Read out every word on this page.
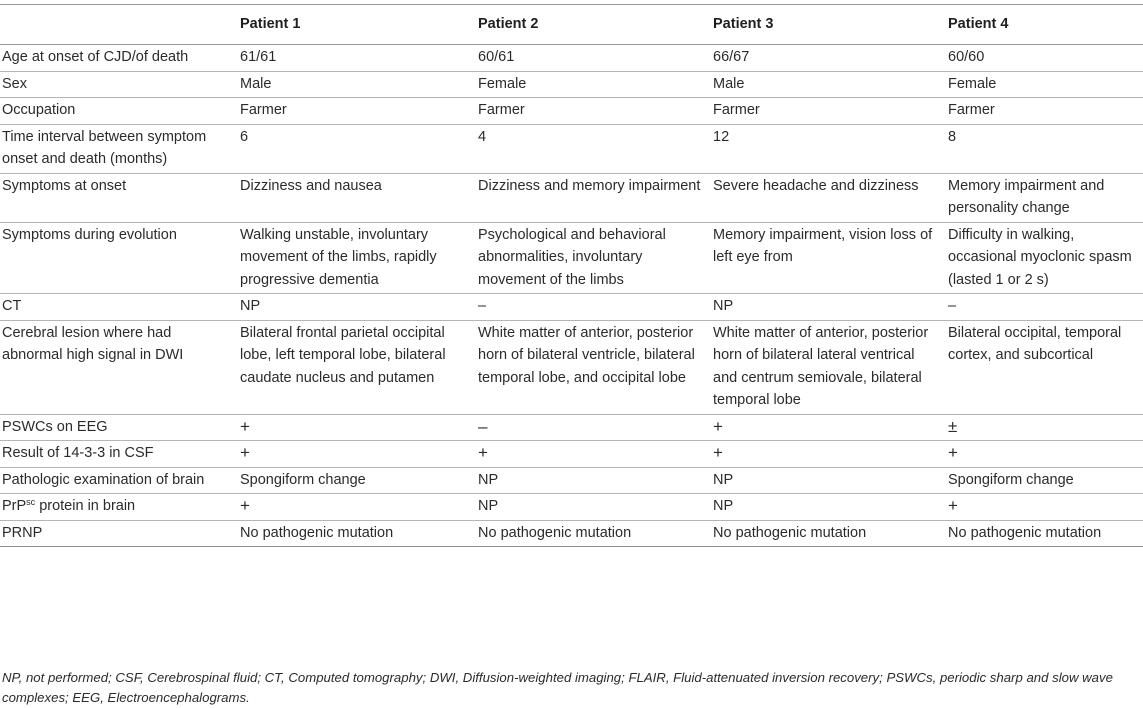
	Patient 1	Patient 2	Patient 3	Patient 4
Age at onset of CJD/of death	61/61	60/61	66/67	60/60
Sex	Male	Female	Male	Female
Occupation	Farmer	Farmer	Farmer	Farmer
Time interval between symptom onset and death (months)	6	4	12	8
Symptoms at onset	Dizziness and nausea	Dizziness and memory impairment	Severe headache and dizziness	Memory impairment and personality change
Symptoms during evolution	Walking unstable, involuntary movement of the limbs, rapidly progressive dementia	Psychological and behavioral abnormalities, involuntary movement of the limbs	Memory impairment, vision loss of left eye from	Difficulty in walking, occasional myoclonic spasm (lasted 1 or 2 s)
CT	NP	–	NP	–
Cerebral lesion where had abnormal high signal in DWI	Bilateral frontal parietal occipital lobe, left temporal lobe, bilateral caudate nucleus and putamen	White matter of anterior, posterior horn of bilateral ventricle, bilateral temporal lobe, and occipital lobe	White matter of anterior, posterior horn of bilateral lateral ventrical and centrum semiovale, bilateral temporal lobe	Bilateral occipital, temporal cortex, and subcortical
PSWCs on EEG	+	–	+	±
Result of 14-3-3 in CSF	+	+	+	+
Pathologic examination of brain	Spongiform change	NP	NP	Spongiform change
PrP$^{sc}$ protein in brain	+	NP	NP	+
PRNP	No pathogenic mutation	No pathogenic mutation	No pathogenic mutation	No pathogenic mutation
NP, not performed; CSF, Cerebrospinal fluid; CT, Computed tomography; DWI, Diffusion-weighted imaging; FLAIR, Fluid-attenuated inversion recovery; PSWCs, periodic sharp and slow wave complexes; EEG, Electroencephalograms.
